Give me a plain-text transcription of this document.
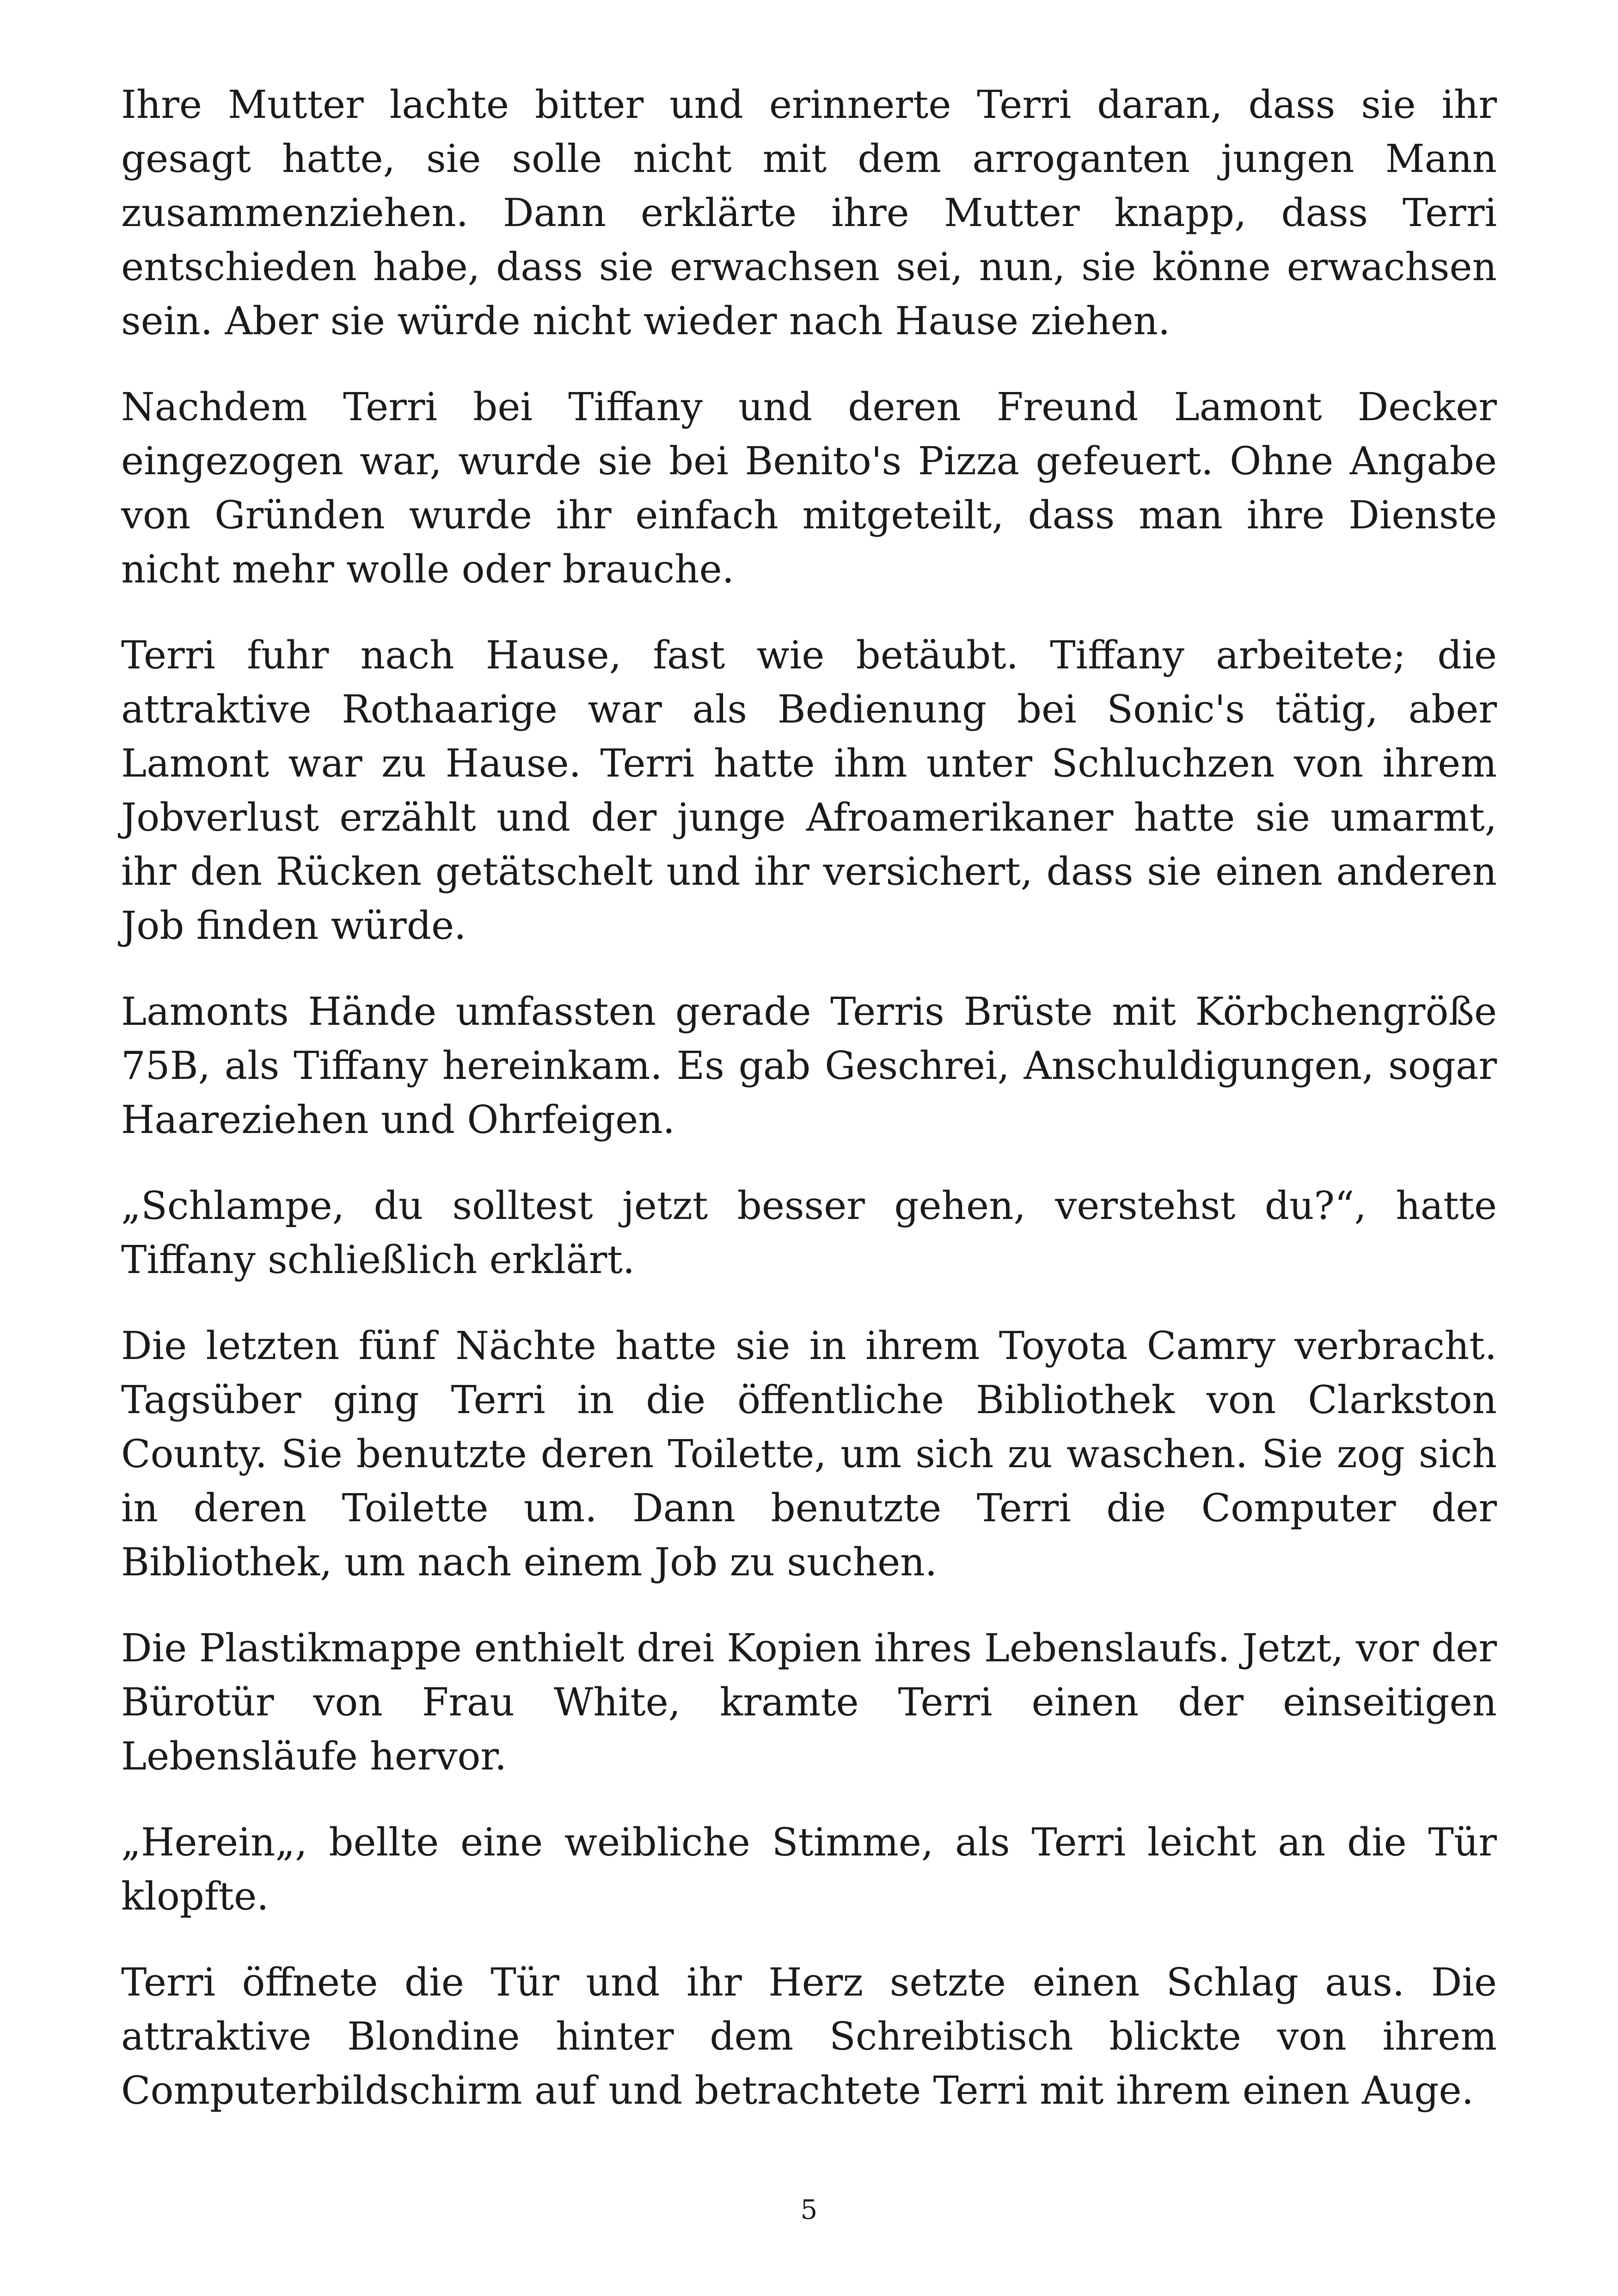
Ihre Mutter lachte bitter und erinnerte Terri daran, dass sie ihr gesagt hatte, sie solle nicht mit dem arroganten jungen Mann zusammenziehen. Dann erklärte ihre Mutter knapp, dass Terri entschieden habe, dass sie erwachsen sei, nun, sie könne erwachsen sein. Aber sie würde nicht wieder nach Hause ziehen.

Nachdem Terri bei Tiffany und deren Freund Lamont Decker eingezogen war, wurde sie bei Benito's Pizza gefeuert. Ohne Angabe von Gründen wurde ihr einfach mitgeteilt, dass man ihre Dienste nicht mehr wolle oder brauche.

Terri fuhr nach Hause, fast wie betäubt. Tiffany arbeitete; die attraktive Rothaarige war als Bedienung bei Sonic's tätig, aber Lamont war zu Hause. Terri hatte ihm unter Schluchzen von ihrem Jobverlust erzählt und der junge Afroamerikaner hatte sie umarmt, ihr den Rücken getätschelt und ihr versichert, dass sie einen anderen Job finden würde.

Lamonts Hände umfassten gerade Terris Brüste mit Körbchengröße 75B, als Tiffany hereinkam. Es gab Geschrei, Anschuldigungen, sogar Haareziehen und Ohrfeigen.

„Schlampe, du solltest jetzt besser gehen, verstehst du?“, hatte Tiffany schließlich erklärt.

Die letzten fünf Nächte hatte sie in ihrem Toyota Camry verbracht. Tagsüber ging Terri in die öffentliche Bibliothek von Clarkston County. Sie benutzte deren Toilette, um sich zu waschen. Sie zog sich in deren Toilette um. Dann benutzte Terri die Computer der Bibliothek, um nach einem Job zu suchen.

Die Plastikmappe enthielt drei Kopien ihres Lebenslaufs. Jetzt, vor der Bürotür von Frau White, kramte Terri einen der einseitigen Lebensläufe hervor.

„Herein„, bellte eine weibliche Stimme, als Terri leicht an die Tür klopfte.

Terri öffnete die Tür und ihr Herz setzte einen Schlag aus. Die attraktive Blondine hinter dem Schreibtisch blickte von ihrem Computerbildschirm auf und betrachtete Terri mit ihrem einen Auge.

5
